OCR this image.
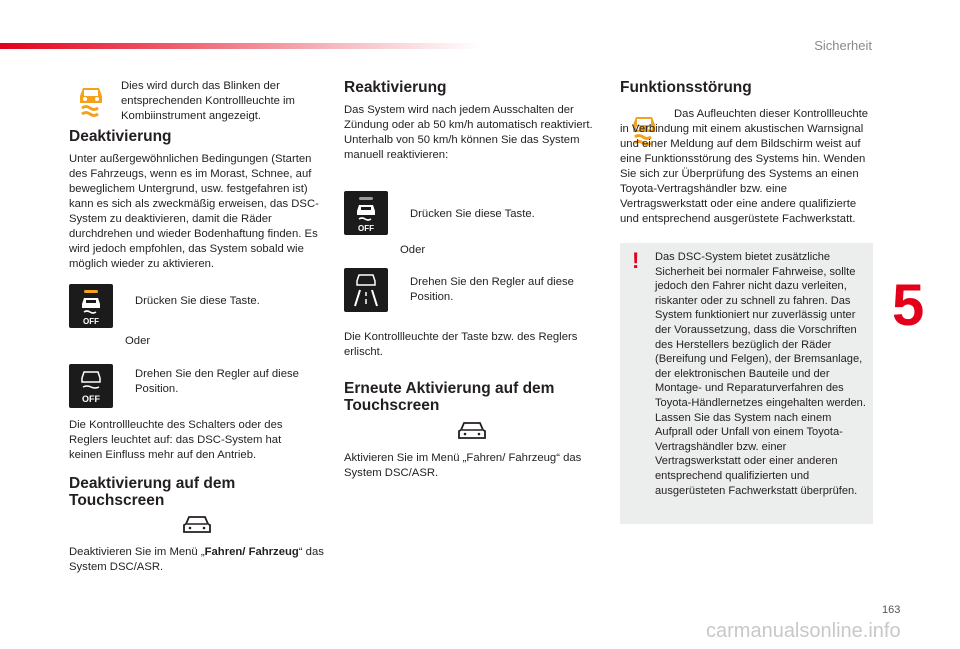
Sicherheit
5
163
carmanualsonline.info

Dies wird durch das Blinken der entsprechenden Kontrollleuchte im Kombiinstrument angezeigt.

Deaktivierung

Unter außergewöhnlichen Bedingungen (Starten des Fahrzeugs, wenn es im Morast, Schnee, auf beweglichem Untergrund, usw. festgefahren ist) kann es sich als zweckmäßig erweisen, das DSC-System zu deaktivieren, damit die Räder durchdrehen und wieder Bodenhaftung finden. Es wird jedoch empfohlen, das System sobald wie möglich wieder zu aktivieren.

OFF
Drücken Sie diese Taste.

Oder

OFF
Drehen Sie den Regler auf diese Position.

Die Kontrollleuchte des Schalters oder des Reglers leuchtet auf: das DSC-System hat keinen Einfluss mehr auf den Antrieb.

Deaktivierung auf dem Touchscreen

Deaktivieren Sie im Menü „Fahren/ Fahrzeug“ das System DSC/ASR.

Reaktivierung

Das System wird nach jedem Ausschalten der Zündung oder ab 50 km/h automatisch reaktiviert. Unterhalb von 50 km/h können Sie das System manuell reaktivieren:

OFF
Drücken Sie diese Taste.

Oder

Drehen Sie den Regler auf diese Position.

Die Kontrollleuchte der Taste bzw. des Reglers erlischt.

Erneute Aktivierung auf dem Touchscreen

Aktivieren Sie im Menü „Fahren/ Fahrzeug“ das System DSC/ASR.

Funktionsstörung

Das Aufleuchten dieser Kontrollleuchte in Verbindung mit einem akustischen Warnsignal und einer Meldung auf dem Bildschirm weist auf eine Funktionsstörung des Systems hin. Wenden Sie sich zur Überprüfung des Systems an einen Toyota-Vertragshändler bzw. eine Vertragswerkstatt oder eine andere qualifizierte und entsprechend ausgerüstete Fachwerkstatt.

! Das DSC-System bietet zusätzliche Sicherheit bei normaler Fahrweise, sollte jedoch den Fahrer nicht dazu verleiten, riskanter oder zu schnell zu fahren. Das System funktioniert nur zuverlässig unter der Voraussetzung, dass die Vorschriften des Herstellers bezüglich der Räder (Bereifung und Felgen), der Bremsanlage, der elektronischen Bauteile und der Montage- und Reparaturverfahren des Toyota-Händlernetzes eingehalten werden. Lassen Sie das System nach einem Aufprall oder Unfall von einem Toyota-Vertragshändler bzw. einer Vertragswerkstatt oder einer anderen entsprechend qualifizierten und ausgerüsteten Fachwerkstatt überprüfen.
